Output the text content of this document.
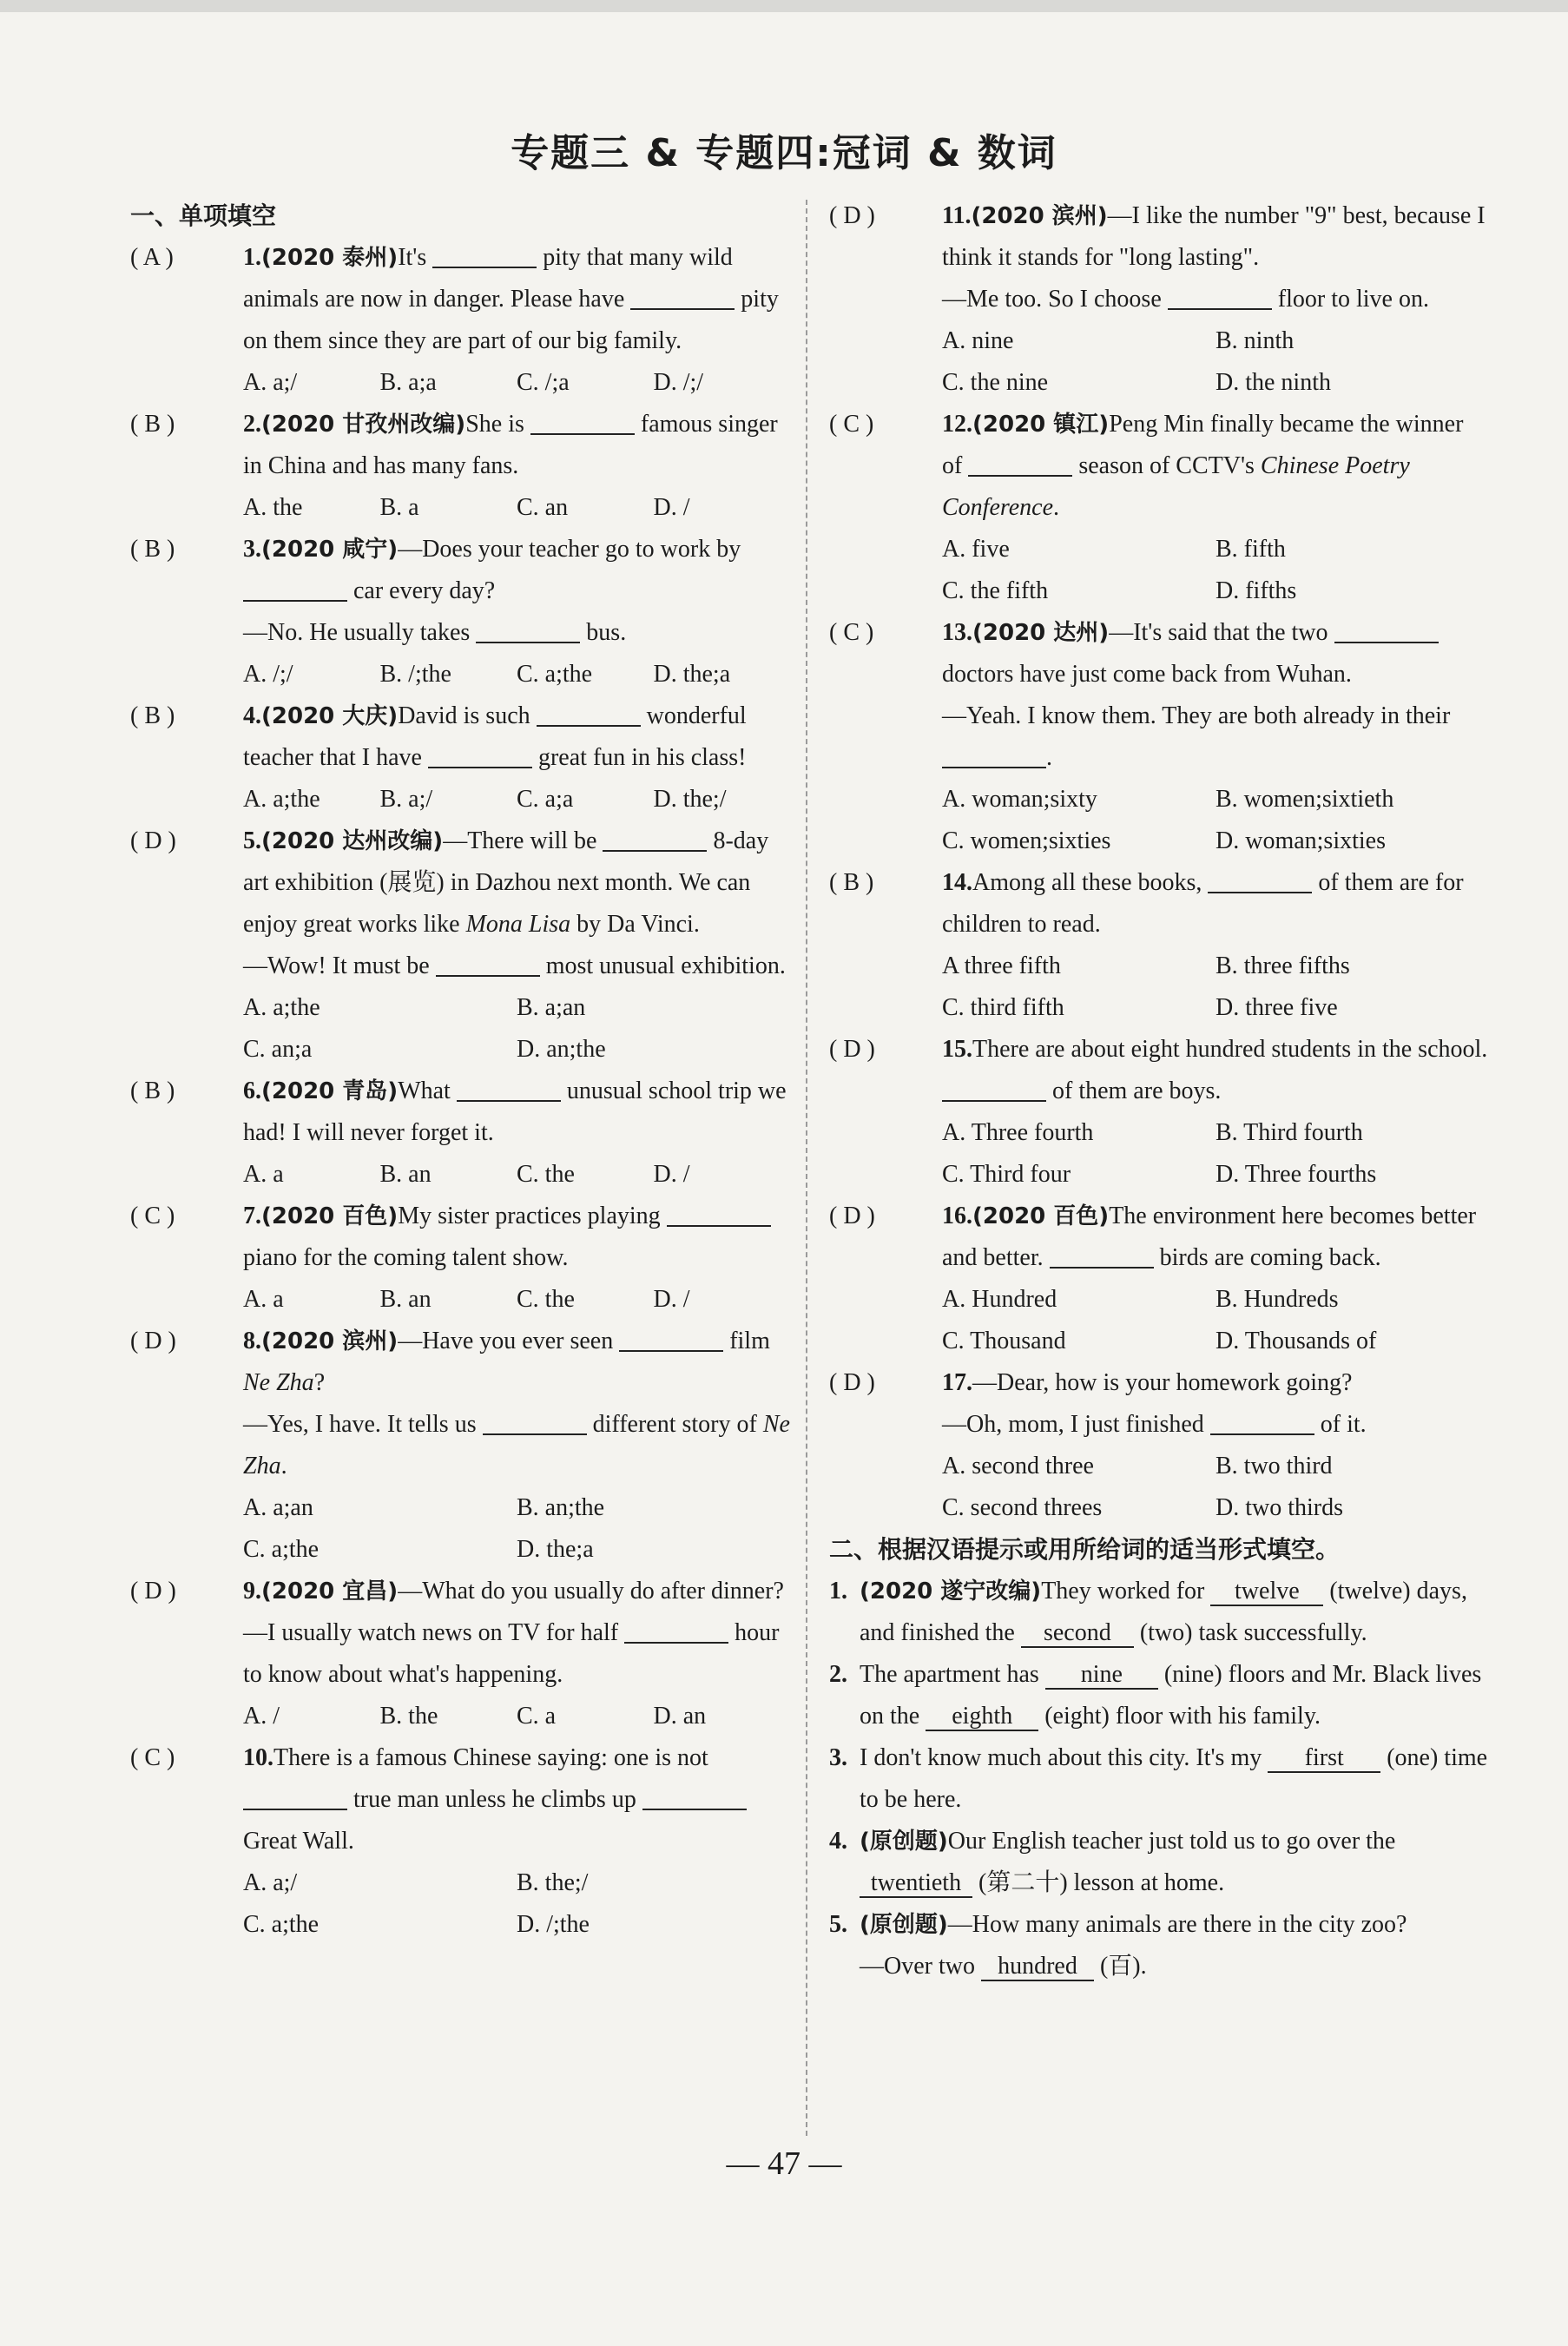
专题三 & 专题四:冠词 & 数词
一、单项填空
( A )	1.(2020 泰州)It's	pity that many wild animals are now in danger. Please have	pity on them since they are part of our big family.
A. a;/	B. a;a	C. /;a	D. /;/
( B )	2.(2020 甘孜州改编)She is	famous singer in China and has many fans.
A. the	B. a	C. an	D. /
( B )	3.(2020 咸宁)—Does your teacher go to work by  car every day?
—No. He usually takes	bus.
A. /;/	B. /;the	C. a;the	D. the;a
( B )	4.(2020 大庆)David is such	wonderful teacher that I have	great fun in his class!
A. a;the	B. a;/	C. a;a	D. the;/
( D )	5.(2020 达州改编)—There will be	8-day art exhibition (展览) in Dazhou next month. We can enjoy great works like Mona Lisa by Da Vinci.
—Wow! It must be	most unusual exhibition.
A. a;the	B. a;an
C. an;a	D. an;the
( B )	6.(2020 青岛)What	unusual school trip we had! I will never forget it.
A. a	B. an	C. the	D. /
( C )	7.(2020 百色)My sister practices playing  piano for the coming talent show.
A. a	B. an	C. the	D. /
( D )	8.(2020 滨州)—Have you ever seen	film Ne Zha?
—Yes, I have. It tells us	different story of Ne Zha.
A. a;an	B. an;the
C. a;the	D. the;a
( D )	9.(2020 宜昌)—What do you usually do after dinner?
—I usually watch news on TV for half	hour to know about what's happening.
A. /	B. the	C. a	D. an
( C )	10.There is a famous Chinese saying: one is not  true man unless he climbs up  Great Wall.
A. a;/	B. the;/
C. a;the	D. /;the
( D )	11.(2020 滨州)—I like the number "9" best, because I think it stands for "long lasting".
—Me too. So I choose	floor to live on.
A. nine	B. ninth
C. the nine	D. the ninth
( C )	12.(2020 镇江)Peng Min finally became the winner of	season of CCTV's Chinese Poetry Conference.
A. five	B. fifth
C. the fifth	D. fifths
( C )	13.(2020 达州)—It's said that the two  doctors have just come back from Wuhan.
—Yeah. I know them. They are both already in their .
A. woman;sixty	B. women;sixtieth
C. women;sixties	D. woman;sixties
( B )	14.Among all these books,	of them are for children to read.
A three fifth	B. three fifths
C. third fifth	D. three five
( D )	15.There are about eight hundred students in the school.  of them are boys.
A. Three fourth	B. Third fourth
C. Third four	D. Three fourths
( D )	16.(2020 百色)The environment here becomes better and better.	birds are coming back.
A. Hundred	B. Hundreds
C. Thousand	D. Thousands of
( D )	17.—Dear, how is your homework going?
—Oh, mom, I just finished	of it.
A. second three	B. two third
C. second threes	D. two thirds
二、根据汉语提示或用所给词的适当形式填空。
1. (2020 遂宁改编)They worked for twelve (twelve) days, and finished the second (two) task successfully.
2. The apartment has nine (nine) floors and Mr. Black lives on the eighth (eight) floor with his family.
3. I don't know much about this city. It's my first (one) time to be here.
4. (原创题)Our English teacher just told us to go over the twentieth (第二十) lesson at home.
5. (原创题)—How many animals are there in the city zoo?
—Over two hundred (百).
— 47 —
